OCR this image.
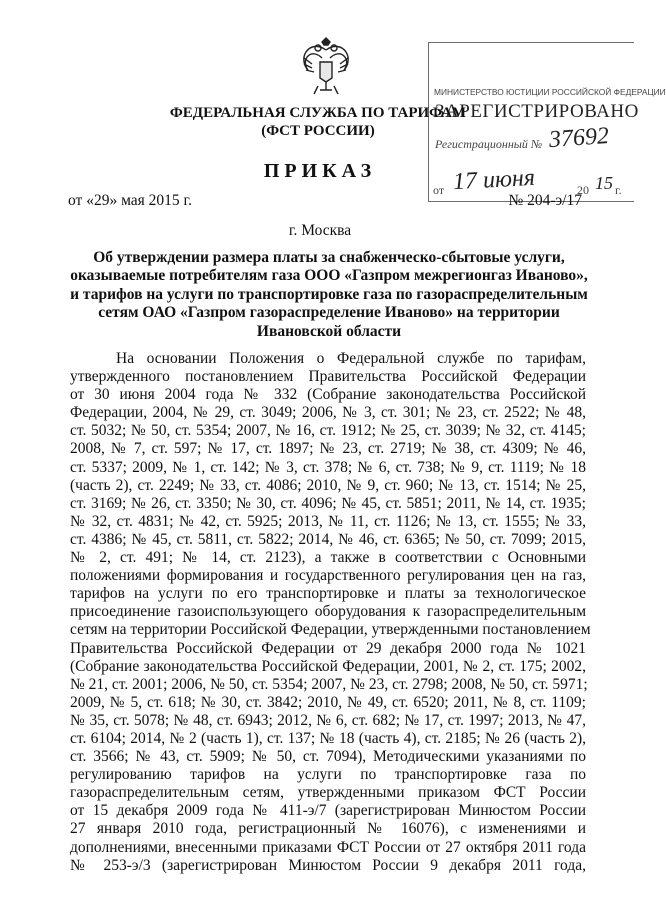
МИНИСТЕРСТВО ЮСТИЦИИ РОССИЙСКОЙ ФЕДЕРАЦИИ
ЗАРЕГИСТРИРОВАНО
Регистрационный № 37692
от 17 июня	20 15 г.
ФЕДЕРАЛЬНАЯ СЛУЖБА ПО ТАРИФАМ
(ФСТ РОССИИ)
ПРИКАЗ
от «29» мая 2015 г.	№ 204-э/17
г. Москва
Об утверждении размера платы за снабженческо-сбытовые услуги,
оказываемые потребителям газа ООО «Газпром межрегионгаз Иваново»,
и тарифов на услуги по транспортировке газа по газораспределительным
сетям ОАО «Газпром газораспределение Иваново» на территории
Ивановской области
На основании Положения о Федеральной службе по тарифам,
утвержденного постановлением Правительства Российской Федерации
от 30 июня 2004 года № 332 (Собрание законодательства Российской
Федерации, 2004, № 29, ст. 3049; 2006, № 3, ст. 301; № 23, ст. 2522; № 48,
ст. 5032; № 50, ст. 5354; 2007, № 16, ст. 1912; № 25, ст. 3039; № 32, ст. 4145;
2008, № 7, ст. 597; № 17, ст. 1897; № 23, ст. 2719; № 38, ст. 4309; № 46,
ст. 5337; 2009, № 1, ст. 142; № 3, ст. 378; № 6, ст. 738; № 9, ст. 1119; № 18
(часть 2), ст. 2249; № 33, ст. 4086; 2010, № 9, ст. 960; № 13, ст. 1514; № 25,
ст. 3169; № 26, ст. 3350; № 30, ст. 4096; № 45, ст. 5851; 2011, № 14, ст. 1935;
№ 32, ст. 4831; № 42, ст. 5925; 2013, № 11, ст. 1126; № 13, ст. 1555; № 33,
ст. 4386; № 45, ст. 5811, ст. 5822; 2014, № 46, ст. 6365; № 50, ст. 7099; 2015,
№ 2, ст. 491; № 14, ст. 2123), а также в соответствии с Основными
положениями формирования и государственного регулирования цен на газ,
тарифов на услуги по его транспортировке и платы за технологическое
присоединение газоиспользующего оборудования к газораспределительным
сетям на территории Российской Федерации, утвержденными постановлением
Правительства Российской Федерации от 29 декабря 2000 года № 1021
(Собрание законодательства Российской Федерации, 2001, № 2, ст. 175; 2002,
№ 21, ст. 2001; 2006, № 50, ст. 5354; 2007, № 23, ст. 2798; 2008, № 50, ст. 5971;
2009, № 5, ст. 618; № 30, ст. 3842; 2010, № 49, ст. 6520; 2011, № 8, ст. 1109;
№ 35, ст. 5078; № 48, ст. 6943; 2012, № 6, ст. 682; № 17, ст. 1997; 2013, № 47,
ст. 6104; 2014, № 2 (часть 1), ст. 137; № 18 (часть 4), ст. 2185; № 26 (часть 2),
ст. 3566; № 43, ст. 5909; № 50, ст. 7094), Методическими указаниями по
регулированию тарифов на услуги по транспортировке газа по
газораспределительным сетям, утвержденными приказом ФСТ России
от 15 декабря 2009 года № 411-э/7 (зарегистрирован Минюстом России
27 января 2010 года, регистрационный № 16076), с изменениями и
дополнениями, внесенными приказами ФСТ России от 27 октября 2011 года
№ 253-э/3 (зарегистрирован Минюстом России 9 декабря 2011 года,
